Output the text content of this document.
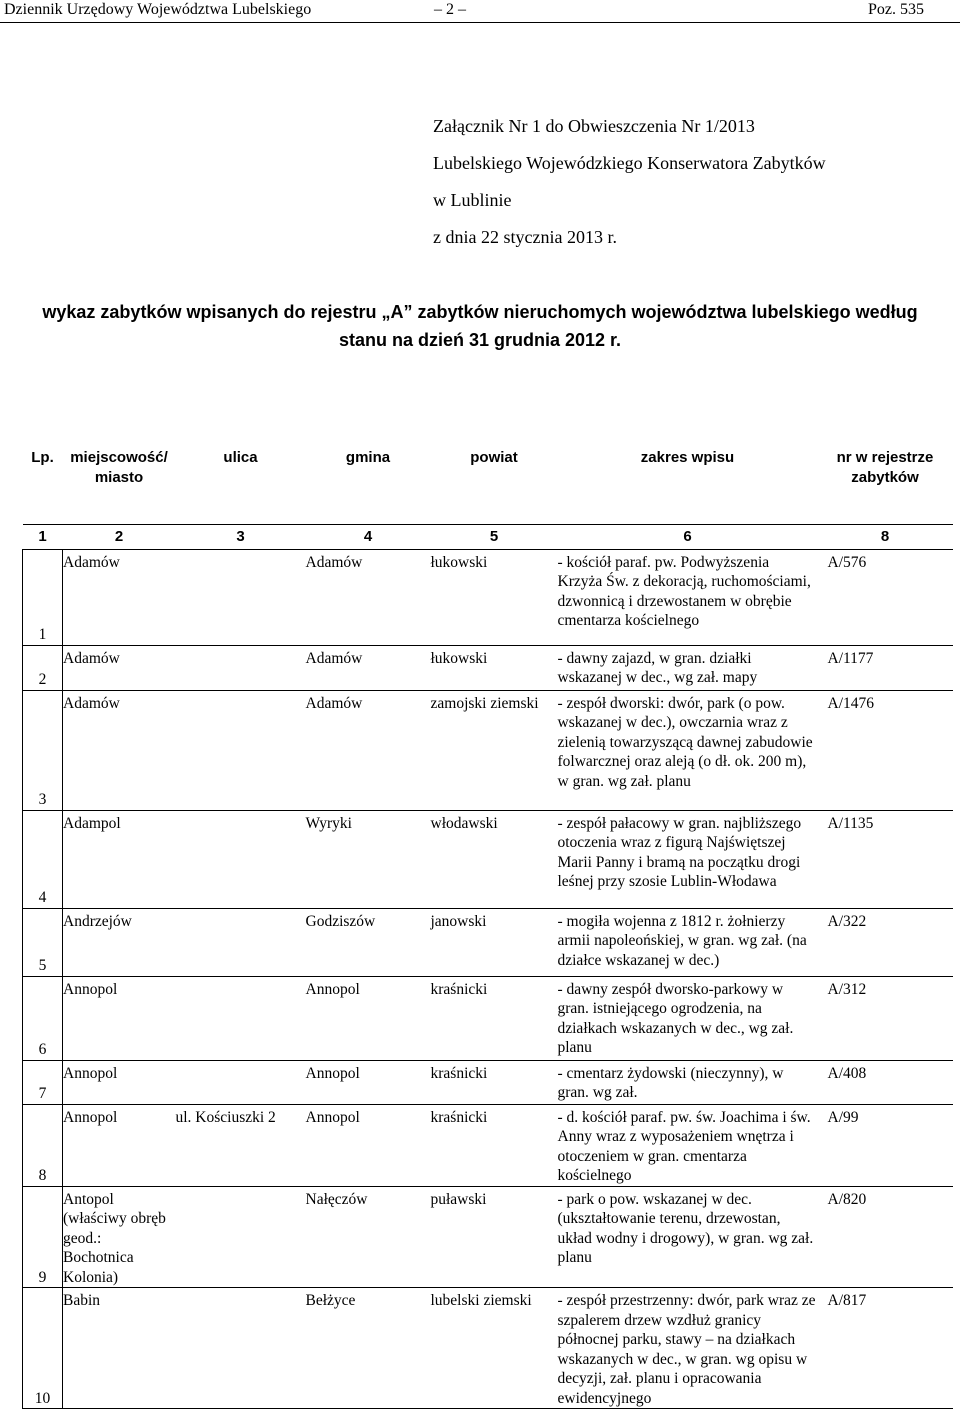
Dziennik Urzędowy Województwa Lubelskiego	– 2 –	Poz. 535
Załącznik Nr 1 do Obwieszczenia Nr 1/2013
Lubelskiego Wojewódzkiego Konserwatora Zabytków
w Lublinie
z dnia 22 stycznia 2013 r.
wykaz zabytków wpisanych do rejestru „A” zabytków nieruchomych województwa lubelskiego według
stanu na dzień 31 grudnia 2012 r.
Lp.	miejscowość/ miasto	ulica	gmina	powiat	zakres wpisu	nr w rejestrze zabytków
1	2	3	4	5	6	8
1	Adamów		Adamów	łukowski	- kościół paraf. pw. Podwyższenia Krzyża Św. z dekoracją, ruchomościami, dzwonnicą i drzewostanem w obrębie cmentarza kościelnego	A/576
2	Adamów		Adamów	łukowski	- dawny zajazd, w gran. działki wskazanej w dec., wg zał. mapy	A/1177
3	Adamów		Adamów	zamojski ziemski	- zespół dworski: dwór, park (o pow. wskazanej w dec.), owczarnia wraz z zielenią towarzyszącą dawnej zabudowie folwarcznej oraz aleją (o dł. ok. 200 m), w gran. wg zał. planu	A/1476
4	Adampol		Wyryki	włodawski	- zespół pałacowy w gran. najbliższego otoczenia wraz z figurą Najświętszej Marii Panny i bramą na początku drogi leśnej przy szosie Lublin-Włodawa	A/1135
5	Andrzejów		Godziszów	janowski	- mogiła wojenna z 1812 r. żołnierzy armii napoleońskiej, w gran. wg zał. (na działce wskazanej w dec.)	A/322
6	Annopol		Annopol	kraśnicki	- dawny zespół dworsko-parkowy w gran. istniejącego ogrodzenia, na działkach wskazanych w dec., wg zał. planu	A/312
7	Annopol		Annopol	kraśnicki	- cmentarz żydowski (nieczynny), w gran. wg zał.	A/408
8	Annopol	ul. Kościuszki 2	Annopol	kraśnicki	- d. kościół paraf. pw. św. Joachima i św. Anny wraz z wyposażeniem wnętrza i otoczeniem w gran. cmentarza kościelnego	A/99
9	Antopol (właściwy obręb geod.: Bochotnica Kolonia)		Nałęczów	puławski	- park o pow. wskazanej w dec. (ukształtowanie terenu, drzewostan, układ wodny i drogowy), w gran. wg zał. planu	A/820
10	Babin		Bełżyce	lubelski ziemski	- zespół przestrzenny: dwór, park wraz ze szpalerem drzew wzdłuż granicy północnej parku, stawy – na działkach wskazanych w dec., w gran. wg opisu w decyzji, zał. planu i opracowania ewidencyjnego	A/817
